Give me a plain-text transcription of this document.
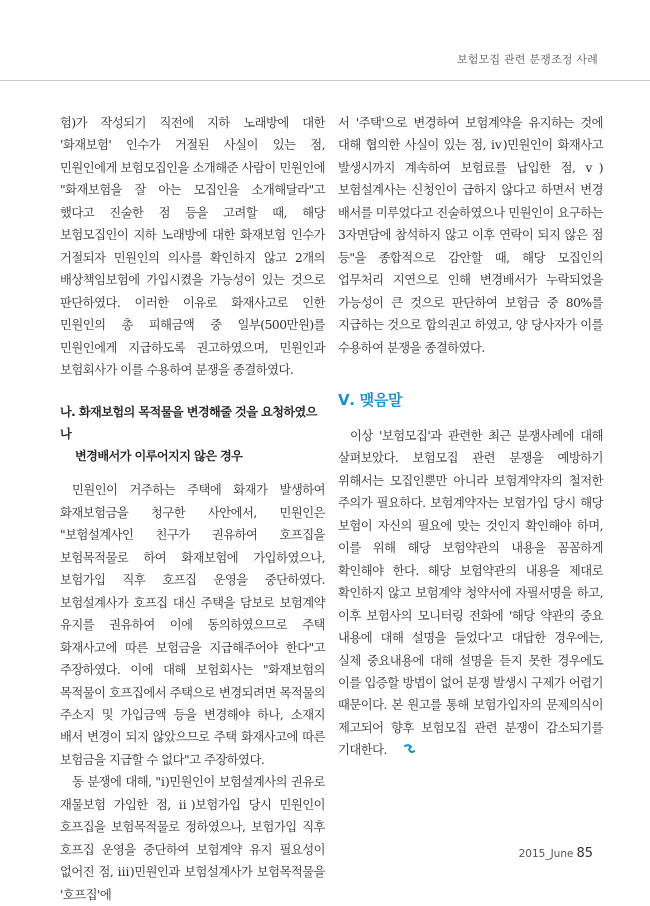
보험모집 관련 분쟁조정 사례

험)가 작성되기 직전에 지하 노래방에 대한 '화재보험' 인수가 거절된 사실이 있는 점, 민원인에게 보험모집인을 소개해준 사람이 민원인에 "화재보험을 잘 아는 모집인을 소개해달라"고 했다고 진술한 점 등을 고려할 때, 해당 보험모집인이 지하 노래방에 대한 화재보험 인수가 거절되자 민원인의 의사를 확인하지 않고 2개의 배상책임보험에 가입시켰을 가능성이 있는 것으로 판단하였다. 이러한 이유로 화재사고로 인한 민원인의 총 피해금액 중 일부(500만원)를 민원인에게 지급하도록 권고하였으며, 민원인과 보험회사가 이를 수용하여 분쟁을 종결하였다.

나. 화재보험의 목적물을 변경해줄 것을 요청하였으나
변경배서가 이루어지지 않은 경우

민원인이 거주하는 주택에 화재가 발생하여 화재보험금을 청구한 사안에서, 민원인은 "보험설계사인 친구가 권유하여 호프집을 보험목적물로 하여 화재보험에 가입하였으나, 보험가입 직후 호프집 운영을 중단하였다. 보험설계사가 호프집 대신 주택을 담보로 보험계약 유지를 권유하여 이에 동의하였으므로 주택 화재사고에 따른 보험금을 지급해주어야 한다"고 주장하였다. 이에 대해 보험회사는 "화재보험의 목적물이 호프집에서 주택으로 변경되려면 목적물의 주소지 및 가입금액 등을 변경해야 하나, 소재지 배서 변경이 되지 않았으므로 주택 화재사고에 따른 보험금을 지급할 수 없다"고 주장하였다.

동 분쟁에 대해, "ⅰ)민원인이 보험설계사의 권유로 재물보험 가입한 점, ⅱ)보험가입 당시 민원인이 호프집을 보험목적물로 정하였으나, 보험가입 직후 호프집 운영을 중단하여 보험계약 유지 필요성이 없어진 점, ⅲ)민원인과 보험설계사가 보험목적물을 '호프집'에

서 '주택'으로 변경하여 보험계약을 유지하는 것에 대해 협의한 사실이 있는 점, ⅳ)민원인이 화재사고 발생시까지 계속하여 보험료를 납입한 점, ⅴ)보험설계사는 신청인이 급하지 않다고 하면서 변경 배서를 미루었다고 진술하였으나 민원인이 요구하는 3자면담에 참석하지 않고 이후 연락이 되지 않은 점 등"을 종합적으로 감안할 때, 해당 모집인의 업무처리 지연으로 인해 변경배서가 누락되었을 가능성이 큰 것으로 판단하여 보험금 중 80%를 지급하는 것으로 합의권고 하였고, 양 당사자가 이를 수용하여 분쟁을 종결하였다.

Ⅴ. 맺음말

이상 '보험모집'과 관련한 최근 분쟁사례에 대해 살펴보았다. 보험모집 관련 분쟁을 예방하기 위해서는 모집인뿐만 아니라 보험계약자의 철저한 주의가 필요하다. 보험계약자는 보험가입 당시 해당 보험이 자신의 필요에 맞는 것인지 확인해야 하며, 이를 위해 해당 보험약관의 내용을 꼼꼼하게 확인해야 한다. 해당 보험약관의 내용을 제대로 확인하지 않고 보험계약 청약서에 자필서명을 하고, 이후 보험사의 모니터링 전화에 '해당 약관의 중요 내용에 대해 설명을 들었다'고 대답한 경우에는, 실제 중요내용에 대해 설명을 듣지 못한 경우에도 이를 입증할 방법이 없어 분쟁 발생시 구제가 어렵기 때문이다. 본 원고를 통해 보험가입자의 문제의식이 제고되어 향후 보험모집 관련 분쟁이 감소되기를 기대한다.

2015_June 85
